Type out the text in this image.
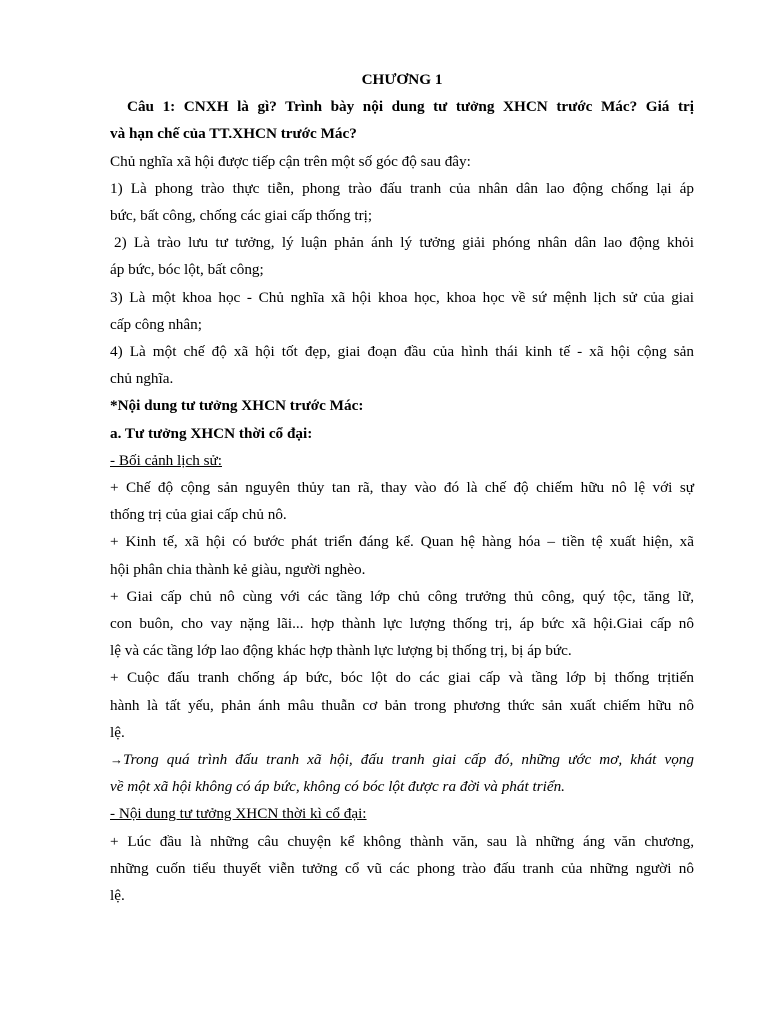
CHƯƠNG 1

Câu 1: CNXH là gì? Trình bày nội dung tư tưởng XHCN trước Mác? Giá trị

và hạn chế của TT.XHCN trước Mác?

Chủ nghĩa xã hội được tiếp cận trên một số góc độ sau đây:

1) Là phong trào thực tiễn, phong trào đấu tranh của nhân dân lao động chống lại áp

bức, bất công, chống các giai cấp thống trị;

2) Là trào lưu tư tưởng, lý luận phản ánh lý tưởng giải phóng nhân dân lao động khỏi

áp bức, bóc lột, bất công;

3) Là một khoa học - Chủ nghĩa xã hội khoa học, khoa học về sứ mệnh lịch sử của giai

cấp công nhân;

4) Là một chế độ xã hội tốt đẹp, giai đoạn đầu của hình thái kinh tế - xã hội cộng sản

chủ nghĩa.

*Nội dung tư tưởng XHCN trước Mác:

a. Tư tưởng XHCN thời cổ đại:

- Bối cảnh lịch sử:

+ Chế độ cộng sản nguyên thủy tan rã, thay vào đó là chế độ chiếm hữu nô lệ với sự

thống trị của giai cấp chủ nô.

+ Kinh tế, xã hội có bước phát triển đáng kể. Quan hệ hàng hóa – tiền tệ xuất hiện, xã

hội phân chia thành kẻ giàu, người nghèo.

+ Giai cấp chủ nô cùng với các tầng lớp chủ công trưởng thủ công, quý tộc, tăng lữ,

con buôn, cho vay nặng lãi... hợp thành lực lượng thống trị, áp bức xã hội.Giai cấp nô

lệ và các tầng lớp lao động khác hợp thành lực lượng bị thống trị, bị áp bức.

+ Cuộc đấu tranh chống áp bức, bóc lột do các giai cấp và tầng lớp bị thống trịtiến

hành là tất yếu, phản ánh mâu thuẫn cơ bản trong phương thức sản xuất chiếm hữu nô

lệ.

→Trong quá trình đấu tranh xã hội, đấu tranh giai cấp đó, những ước mơ, khát vọng

về một xã hội không có áp bức, không có bóc lột được ra đời và phát triển.

- Nội dung tư tưởng XHCN thời kì cổ đại:

+ Lúc đầu là những câu chuyện kể không thành văn, sau là những áng văn chương,

những cuốn tiểu thuyết viễn tưởng cổ vũ các phong trào đấu tranh của những người nô

lệ.
